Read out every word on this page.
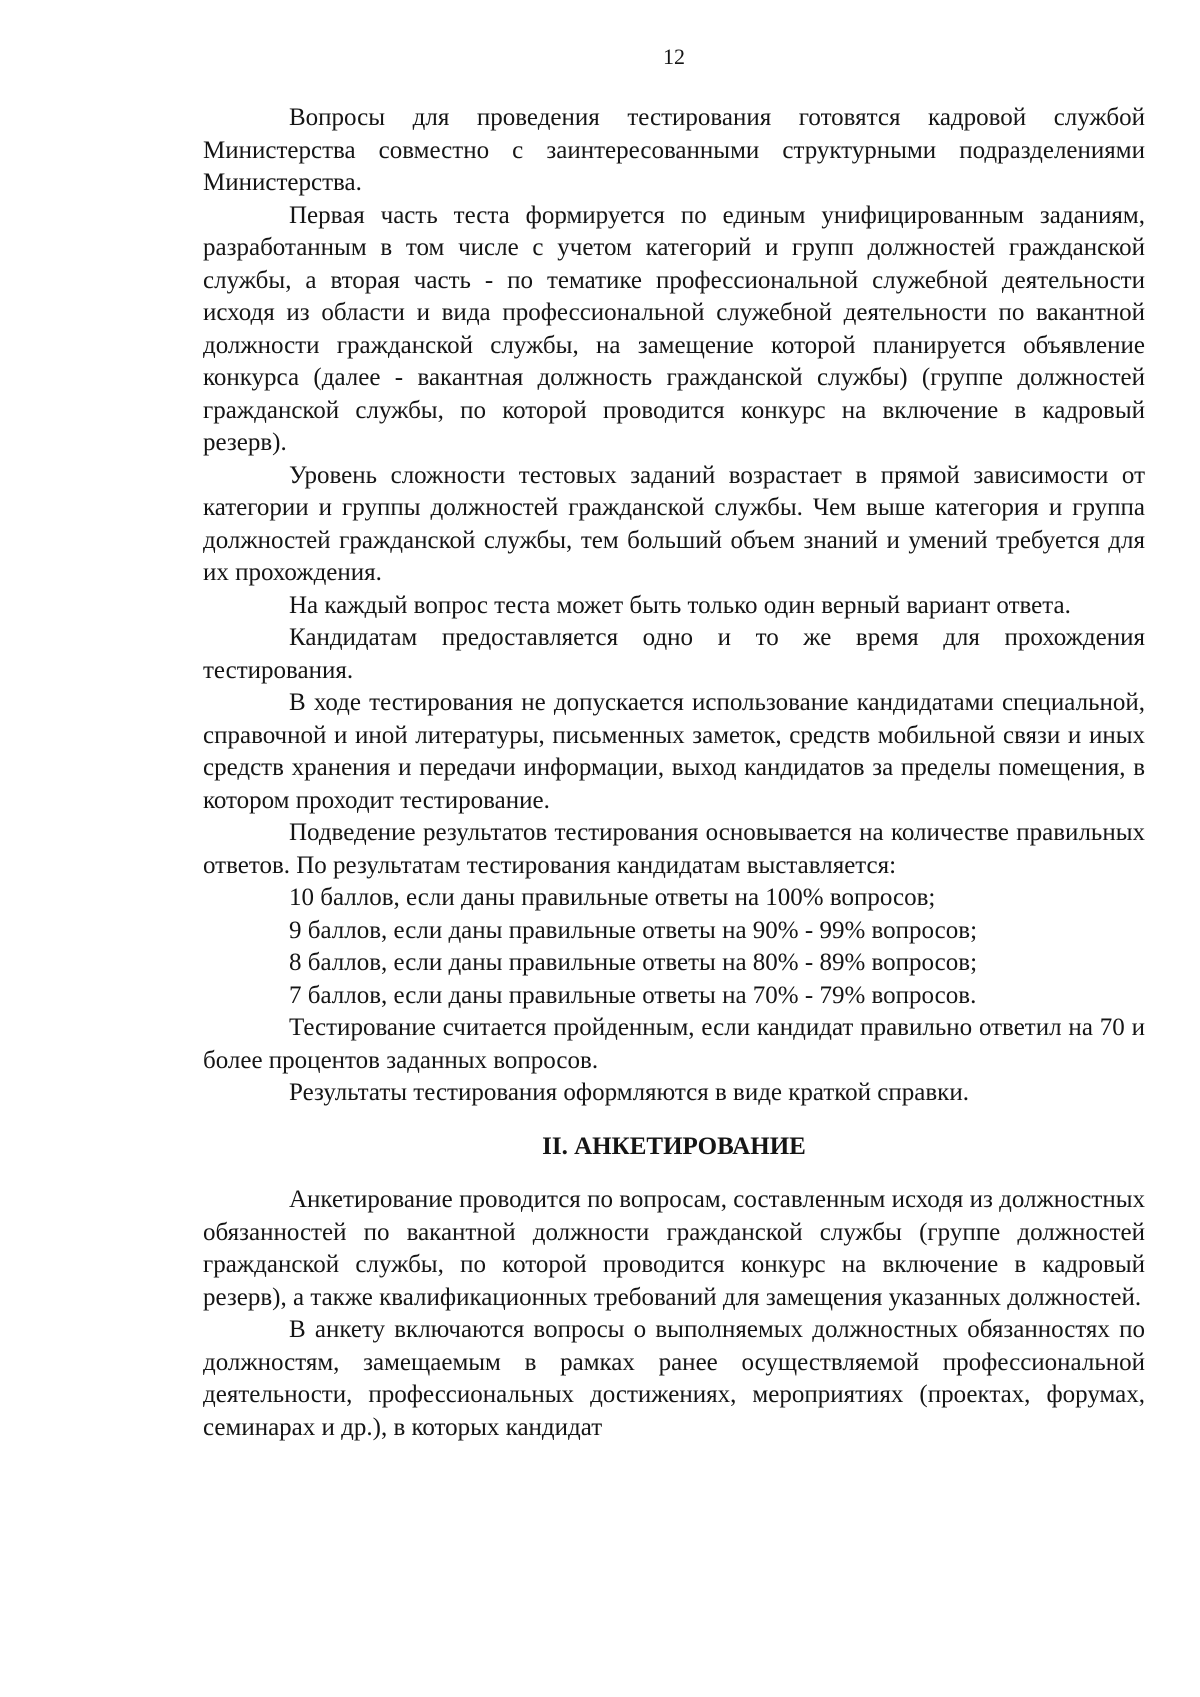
12

Вопросы для проведения тестирования готовятся кадровой службой Министерства совместно с заинтересованными структурными подразделениями Министерства.

Первая часть теста формируется по единым унифицированным заданиям, разработанным в том числе с учетом категорий и групп должностей гражданской службы, а вторая часть - по тематике профессиональной служебной деятельности исходя из области и вида профессиональной служебной деятельности по вакантной должности гражданской службы, на замещение которой планируется объявление конкурса (далее - вакантная должность гражданской службы) (группе должностей гражданской службы, по которой проводится конкурс на включение в кадровый резерв).

Уровень сложности тестовых заданий возрастает в прямой зависимости от категории и группы должностей гражданской службы. Чем выше категория и группа должностей гражданской службы, тем больший объем знаний и умений требуется для их прохождения.

На каждый вопрос теста может быть только один верный вариант ответа.

Кандидатам предоставляется одно и то же время для прохождения тестирования.

В ходе тестирования не допускается использование кандидатами специальной, справочной и иной литературы, письменных заметок, средств мобильной связи и иных средств хранения и передачи информации, выход кандидатов за пределы помещения, в котором проходит тестирование.

Подведение результатов тестирования основывается на количестве правильных ответов. По результатам тестирования кандидатам выставляется:

10 баллов, если даны правильные ответы на 100% вопросов;

9 баллов, если даны правильные ответы на 90% - 99% вопросов;

8 баллов, если даны правильные ответы на 80% - 89% вопросов;

7 баллов, если даны правильные ответы на 70% - 79% вопросов.

Тестирование считается пройденным, если кандидат правильно ответил на 70 и более процентов заданных вопросов.

Результаты тестирования оформляются в виде краткой справки.

II. АНКЕТИРОВАНИЕ

Анкетирование проводится по вопросам, составленным исходя из должностных обязанностей по вакантной должности гражданской службы (группе должностей гражданской службы, по которой проводится конкурс на включение в кадровый резерв), а также квалификационных требований для замещения указанных должностей.

В анкету включаются вопросы о выполняемых должностных обязанностях по должностям, замещаемым в рамках ранее осуществляемой профессиональной деятельности, профессиональных достижениях, мероприятиях (проектах, форумах, семинарах и др.), в которых кандидат
